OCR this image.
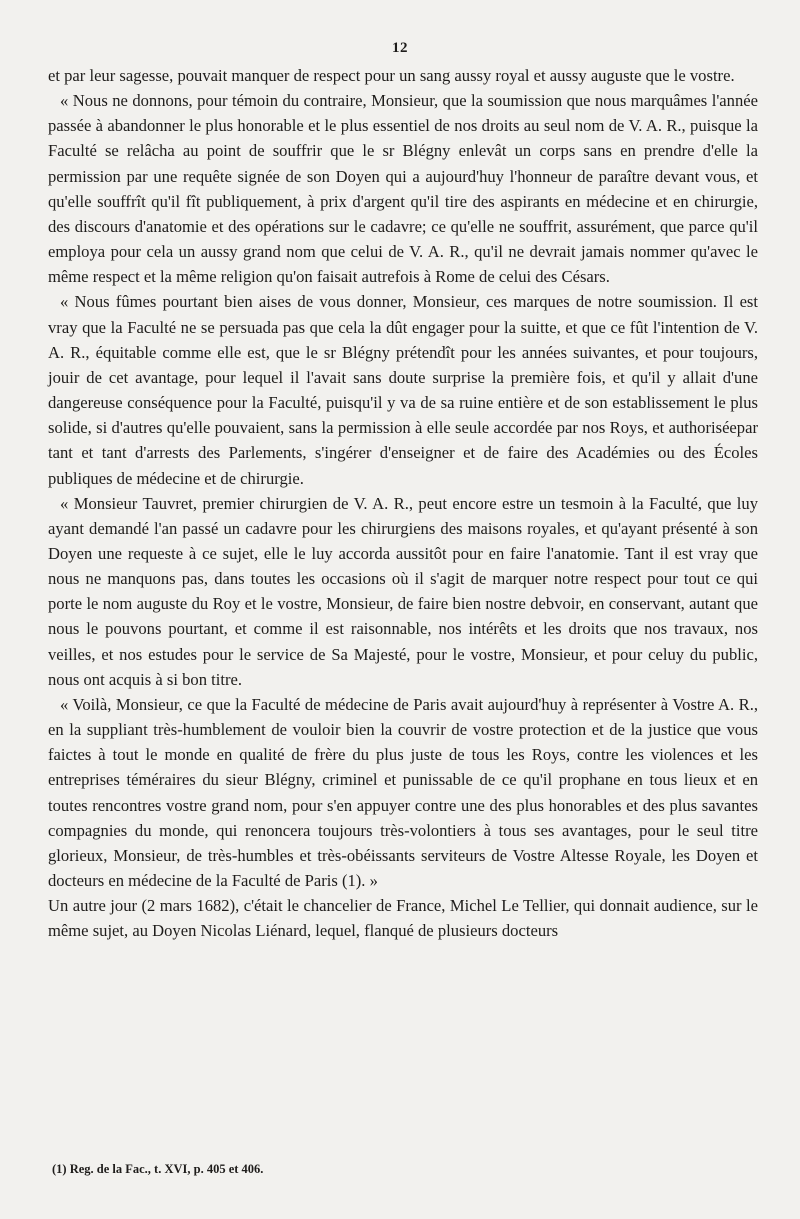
12

et par leur sagesse, pouvait manquer de respect pour un sang aussy royal et aussy auguste que le vostre.

« Nous ne donnons, pour témoin du contraire, Monsieur, que la soumission que nous marquâmes l'année passée à abandonner le plus honorable et le plus essentiel de nos droits au seul nom de V. A. R., puisque la Faculté se relâcha au point de souffrir que le sr Blégny enlevât un corps sans en prendre d'elle la permission par une requête signée de son Doyen qui a aujourd'huy l'honneur de paraître devant vous, et qu'elle souffrît qu'il fît publiquement, à prix d'argent qu'il tire des aspirants en médecine et en chirurgie, des discours d'anatomie et des opérations sur le cadavre; ce qu'elle ne souffrit, assurément, que parce qu'il employa pour cela un aussy grand nom que celui de V. A. R., qu'il ne devrait jamais nommer qu'avec le même respect et la même religion qu'on faisait autrefois à Rome de celui des Césars.

« Nous fûmes pourtant bien aises de vous donner, Monsieur, ces marques de notre soumission. Il est vray que la Faculté ne se persuada pas que cela la dût engager pour la suitte, et que ce fût l'intention de V. A. R., équitable comme elle est, que le sr Blégny prétendît pour les années suivantes, et pour toujours, jouir de cet avantage, pour lequel il l'avait sans doute surprise la première fois, et qu'il y allait d'une dangereuse conséquence pour la Faculté, puisqu'il y va de sa ruine entière et de son establissement le plus solide, si d'autres qu'elle pouvaient, sans la permission à elle seule accordée par nos Roys, et authoriséepar tant et tant d'arrests des Parlements, s'ingérer d'enseigner et de faire des Académies ou des Écoles publiques de médecine et de chirurgie.

« Monsieur Tauvret, premier chirurgien de V. A. R., peut encore estre un tesmoin à la Faculté, que luy ayant demandé l'an passé un cadavre pour les chirurgiens des maisons royales, et qu'ayant présenté à son Doyen une requeste à ce sujet, elle le luy accorda aussitôt pour en faire l'anatomie. Tant il est vray que nous ne manquons pas, dans toutes les occasions où il s'agit de marquer notre respect pour tout ce qui porte le nom auguste du Roy et le vostre, Monsieur, de faire bien nostre debvoir, en conservant, autant que nous le pouvons pourtant, et comme il est raisonnable, nos intérêts et les droits que nos travaux, nos veilles, et nos estudes pour le service de Sa Majesté, pour le vostre, Monsieur, et pour celuy du public, nous ont acquis à si bon titre.

« Voilà, Monsieur, ce que la Faculté de médecine de Paris avait aujourd'huy à représenter à Vostre A. R., en la suppliant très-humblement de vouloir bien la couvrir de vostre protection et de la justice que vous faictes à tout le monde en qualité de frère du plus juste de tous les Roys, contre les violences et les entreprises téméraires du sieur Blégny, criminel et punissable de ce qu'il prophane en tous lieux et en toutes rencontres vostre grand nom, pour s'en appuyer contre une des plus honorables et des plus savantes compagnies du monde, qui renoncera toujours très-volontiers à tous ses avantages, pour le seul titre glorieux, Monsieur, de très-humbles et très-obéissants serviteurs de Vostre Altesse Royale, les Doyen et docteurs en médecine de la Faculté de Paris (1). »

Un autre jour (2 mars 1682), c'était le chancelier de France, Michel Le Tellier, qui donnait audience, sur le même sujet, au Doyen Nicolas Liénard, lequel, flanqué de plusieurs docteurs

(1) Reg. de la Fac., t. XVI, p. 405 et 406.
